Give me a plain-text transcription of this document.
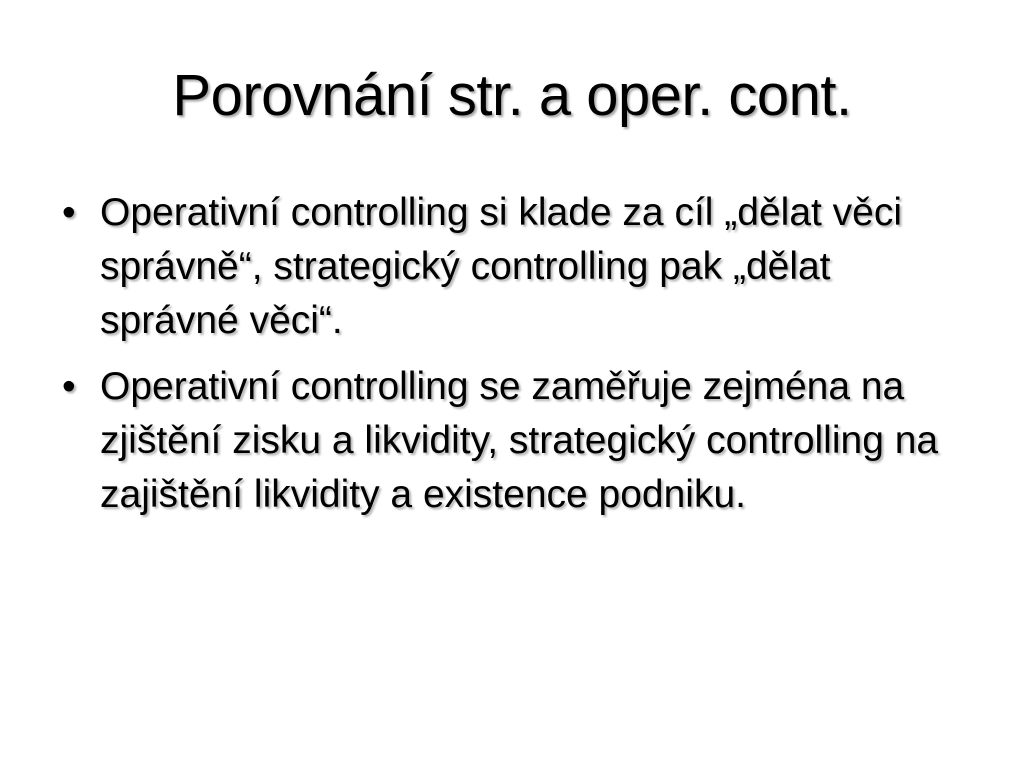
Porovnání str. a oper. cont.
• Operativní controlling si klade za cíl „dělat věci správně“, strategický controlling pak „dělat správné věci“.
• Operativní controlling se zaměřuje zejména na zjištění zisku a likvidity, strategický controlling na zajištění likvidity a existence podniku.
